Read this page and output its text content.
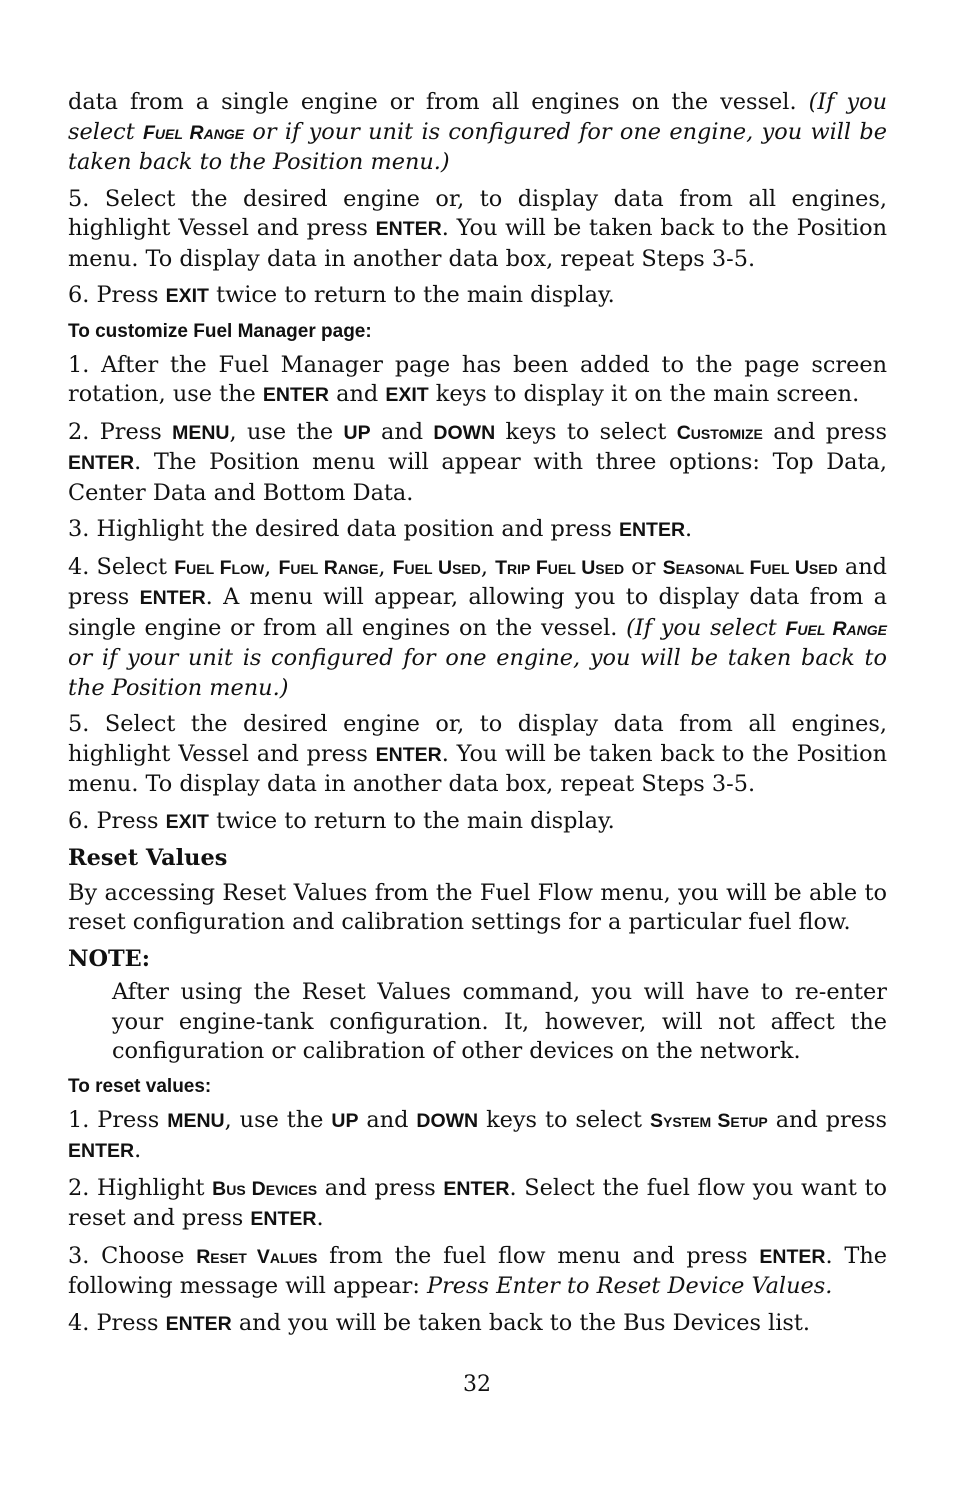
data from a single engine or from all engines on the vessel. (If you select Fuel Range or if your unit is configured for one engine, you will be taken back to the Position menu.)

5. Select the desired engine or, to display data from all engines, highlight Vessel and press ENTER. You will be taken back to the Position menu. To display data in another data box, repeat Steps 3-5.

6. Press EXIT twice to return to the main display.

To customize Fuel Manager page:

1. After the Fuel Manager page has been added to the page screen rotation, use the ENTER and EXIT keys to display it on the main screen.

2. Press MENU, use the UP and DOWN keys to select Customize and press ENTER. The Position menu will appear with three options: Top Data, Center Data and Bottom Data.

3. Highlight the desired data position and press ENTER.

4. Select Fuel Flow, Fuel Range, Fuel Used, Trip Fuel Used or Seasonal Fuel Used and press ENTER. A menu will appear, allowing you to display data from a single engine or from all engines on the vessel. (If you select Fuel Range or if your unit is configured for one engine, you will be taken back to the Position menu.)

5. Select the desired engine or, to display data from all engines, highlight Vessel and press ENTER. You will be taken back to the Position menu. To display data in another data box, repeat Steps 3-5.

6. Press EXIT twice to return to the main display.

Reset Values

By accessing Reset Values from the Fuel Flow menu, you will be able to reset configuration and calibration settings for a particular fuel flow.

NOTE:

After using the Reset Values command, you will have to re-enter your engine-tank configuration. It, however, will not affect the configuration or calibration of other devices on the network.

To reset values:

1. Press MENU, use the UP and DOWN keys to select System Setup and press ENTER.

2. Highlight Bus Devices and press ENTER. Select the fuel flow you want to reset and press ENTER.

3. Choose Reset Values from the fuel flow menu and press ENTER. The following message will appear: Press Enter to Reset Device Values.

4. Press ENTER and you will be taken back to the Bus Devices list.

32
